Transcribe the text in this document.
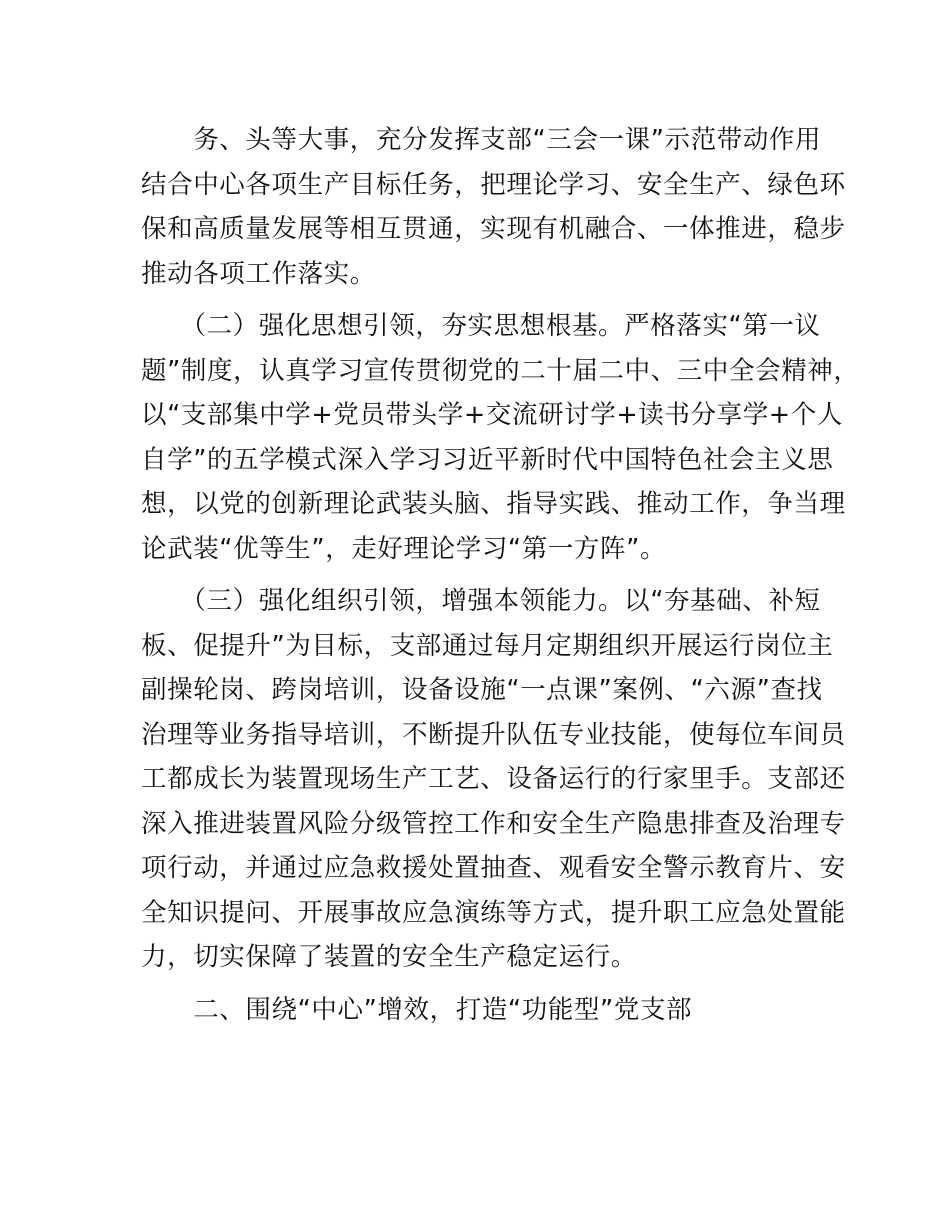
　　务、头等大事，充分发挥支部“三会一课”示范带动作用
结合中心各项生产目标任务，把理论学习、安全生产、绿色环
保和高质量发展等相互贯通，实现有机融合、一体推进，稳步
推动各项工作落实。
　　（二）强化思想引领，夯实思想根基。严格落实“第一议
题”制度，认真学习宣传贯彻党的二十届二中、三中全会精神，
以“支部集中学+党员带头学+交流研讨学+读书分享学+个人
自学”的五学模式深入学习习近平新时代中国特色社会主义思
想，以党的创新理论武装头脑、指导实践、推动工作，争当理
论武装“优等生”，走好理论学习“第一方阵”。
　　（三）强化组织引领，增强本领能力。以“夯基础、补短
板、促提升”为目标，支部通过每月定期组织开展运行岗位主
副操轮岗、跨岗培训，设备设施“一点课”案例、“六源”查找
治理等业务指导培训，不断提升队伍专业技能，使每位车间员
工都成长为装置现场生产工艺、设备运行的行家里手。支部还
深入推进装置风险分级管控工作和安全生产隐患排查及治理专
项行动，并通过应急救援处置抽查、观看安全警示教育片、安
全知识提问、开展事故应急演练等方式，提升职工应急处置能
力，切实保障了装置的安全生产稳定运行。
　　二、围绕“中心”增效，打造“功能型”党支部
